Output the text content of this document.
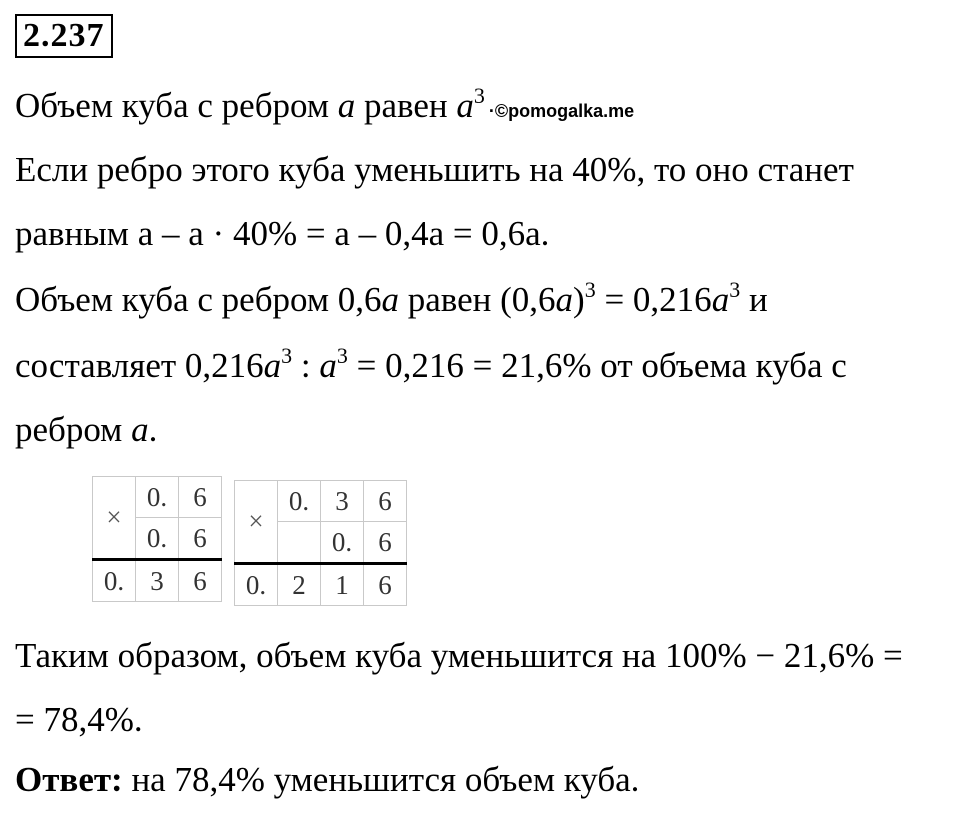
2.237
Объем куба с ребром a равен $a^3\cdot©pomogalka.me$
Если ребро этого куба уменьшить на 40%, то оно станет
равным a – a · 40% = a – 0,4a = 0,6a.
Объем куба с ребром 0,6a равен $(0,6a)^3 = 0,216a^3$ и
составляет $0,216a^3$ : $a^3 = 0,216 = 21,6\%$ от объема куба с
ребром a.
×	0.	6
	0.	6
0.	3	6
×	0.	3	6
		0.	6
0.	2	1	6
Таким образом, объем куба уменьшится на 100% − 21,6% =
= 78,4%.
Ответ: на 78,4% уменьшится объем куба.
